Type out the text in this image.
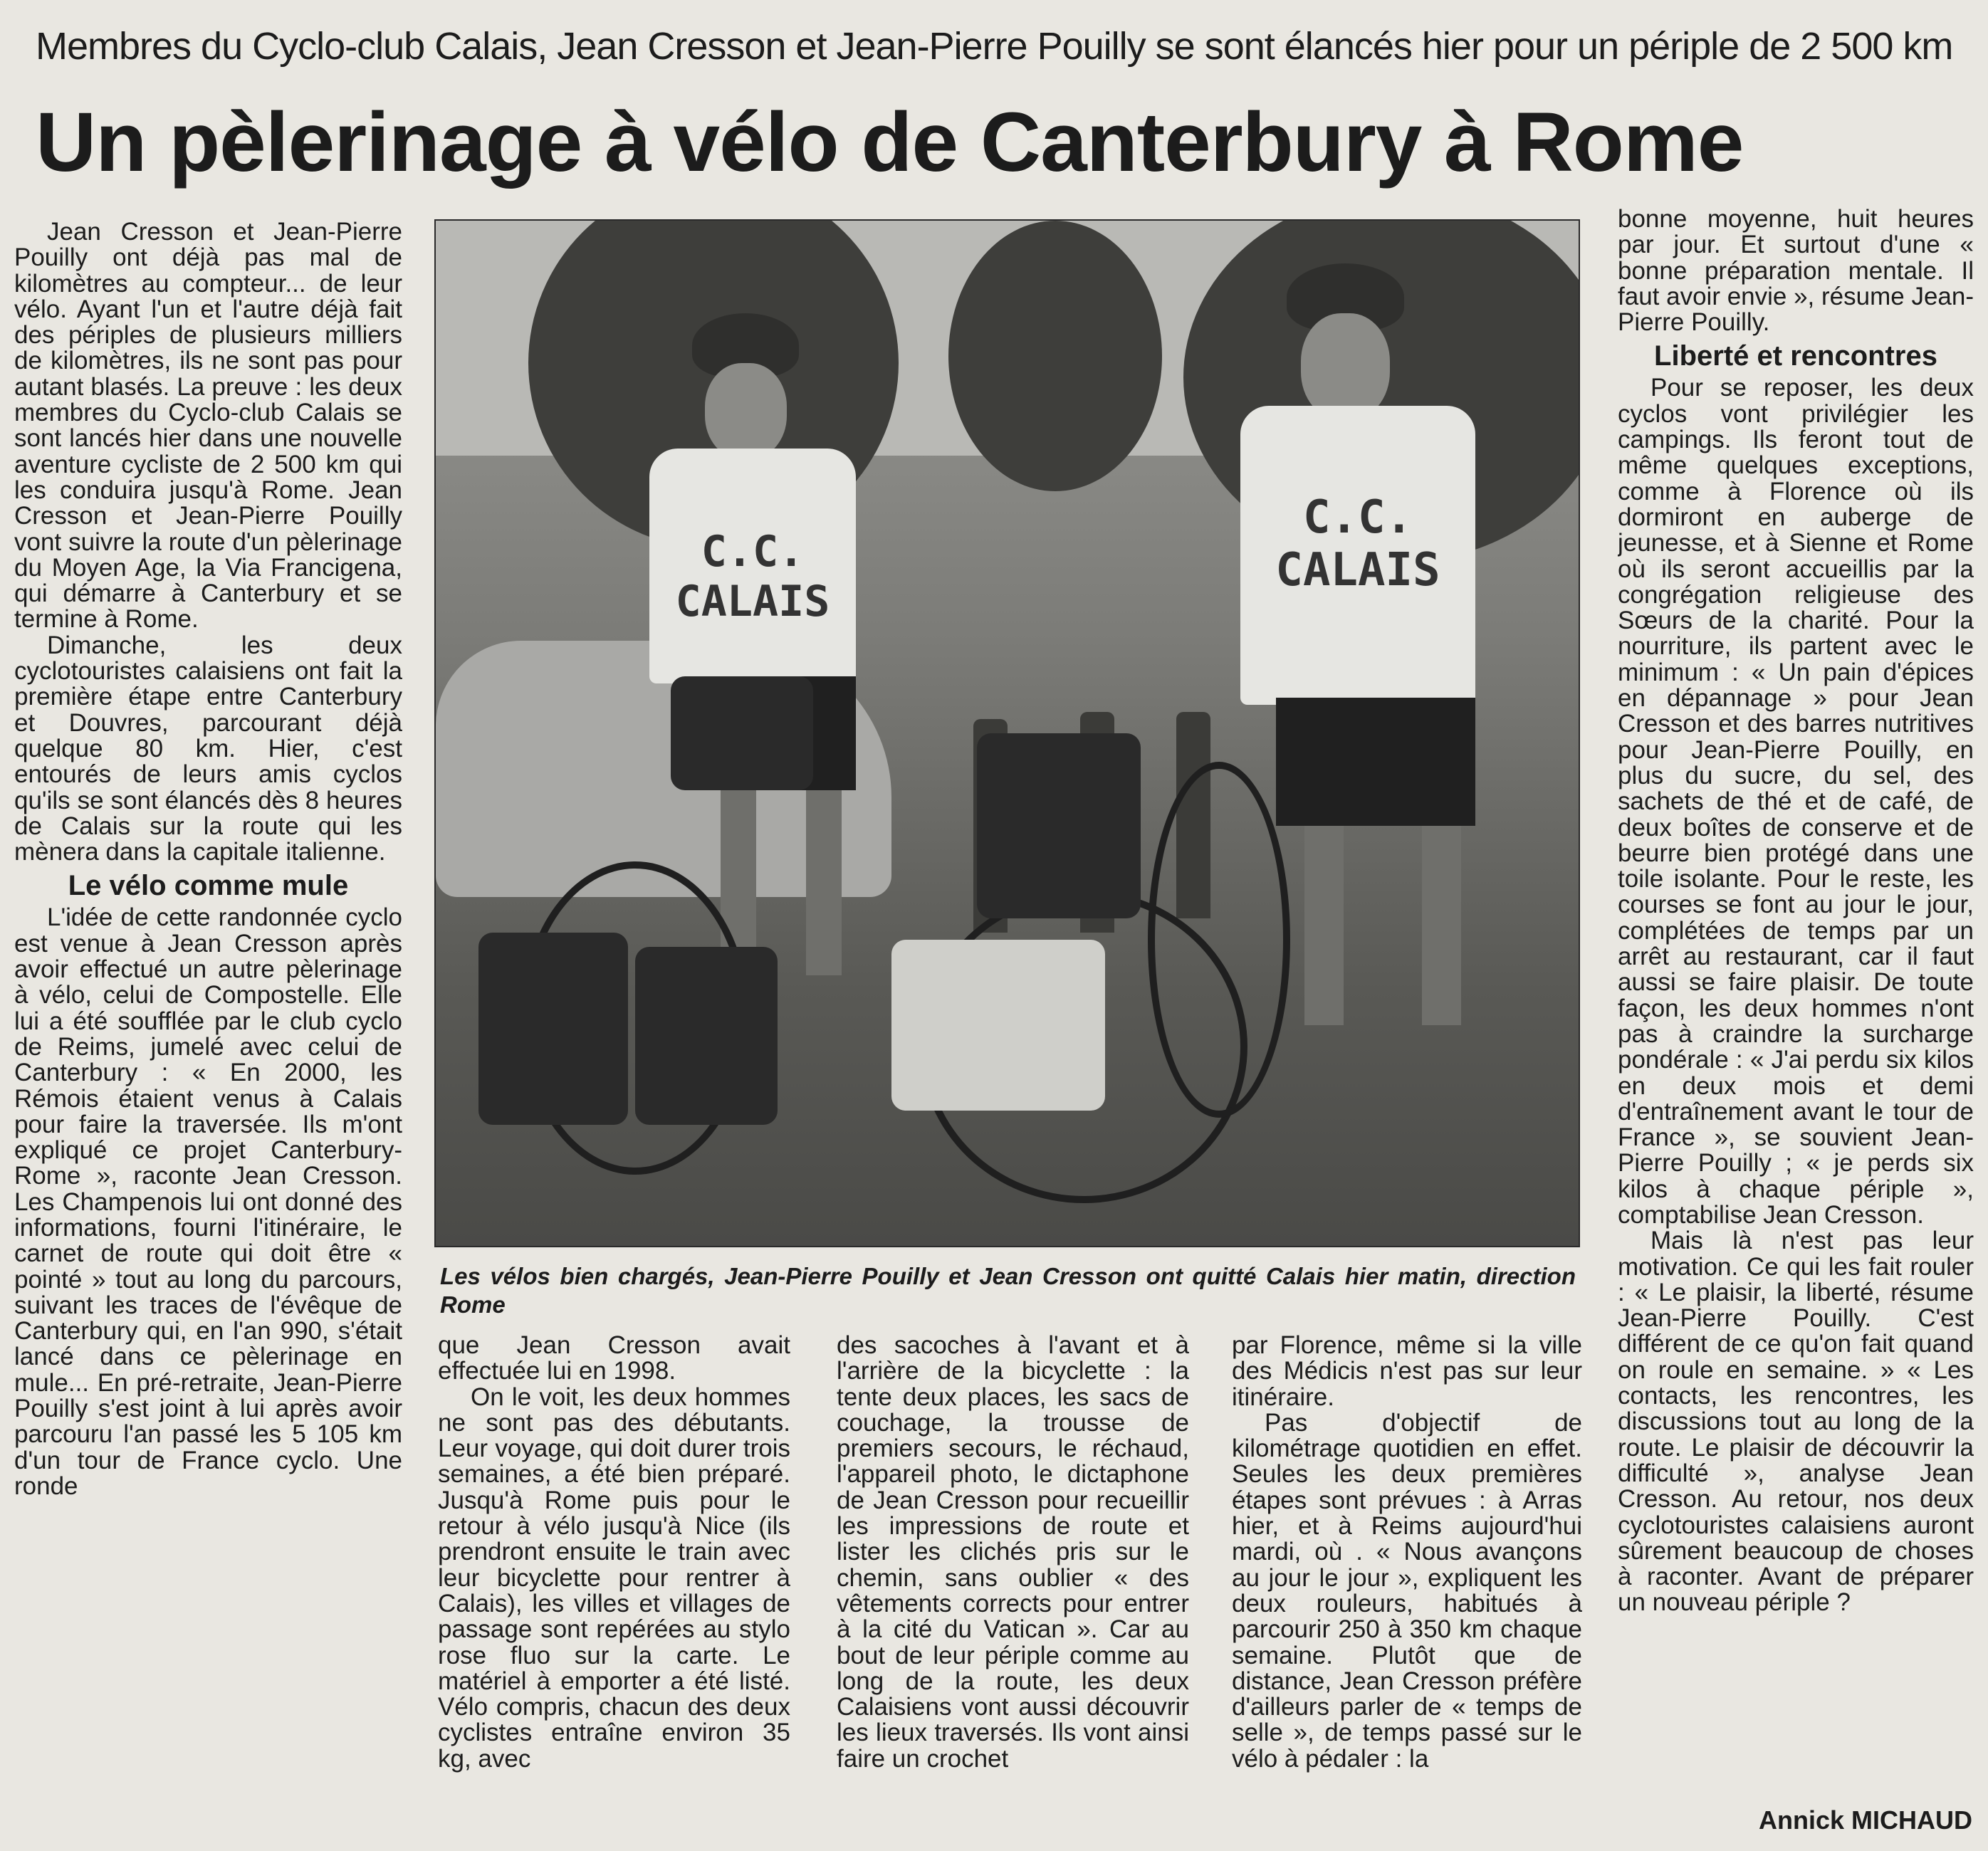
Membres du Cyclo-club Calais, Jean Cresson et Jean-Pierre Pouilly se sont élancés hier pour un périple de 2 500 km
Un pèlerinage à vélo de Canterbury à Rome

Jean Cresson et Jean-Pierre Pouilly ont déjà pas mal de kilomètres au compteur... de leur vélo. Ayant l'un et l'autre déjà fait des périples de plusieurs milliers de kilomètres, ils ne sont pas pour autant blasés. La preuve : les deux membres du Cyclo-club Calais se sont lancés hier dans une nouvelle aventure cycliste de 2 500 km qui les conduira jusqu'à Rome. Jean Cresson et Jean-Pierre Pouilly vont suivre la route d'un pèlerinage du Moyen Age, la Via Francigena, qui démarre à Canterbury et se termine à Rome.

Dimanche, les deux cyclotouristes calaisiens ont fait la première étape entre Canterbury et Douvres, parcourant déjà quelque 80 km. Hier, c'est entourés de leurs amis cyclos qu'ils se sont élancés dès 8 heures de Calais sur la route qui les mènera dans la capitale italienne.

Le vélo comme mule

L'idée de cette randonnée cyclo est venue à Jean Cresson après avoir effectué un autre pèlerinage à vélo, celui de Compostelle. Elle lui a été soufflée par le club cyclo de Reims, jumelé avec celui de Canterbury : « En 2000, les Rémois étaient venus à Calais pour faire la traversée. Ils m'ont expliqué ce projet Canterbury-Rome », raconte Jean Cresson. Les Champenois lui ont donné des informations, fourni l'itinéraire, le carnet de route qui doit être « pointé » tout au long du parcours, suivant les traces de l'évêque de Canterbury qui, en l'an 990, s'était lancé dans ce pèlerinage en mule... En pré-retraite, Jean-Pierre Pouilly s'est joint à lui après avoir parcouru l'an passé les 5 105 km d'un tour de France cyclo. Une ronde

C.C. CALAIS
C.C. CALAIS
Les vélos bien chargés, Jean-Pierre Pouilly et Jean Cresson ont quitté Calais hier matin, direction Rome

que Jean Cresson avait effectuée lui en 1998.

On le voit, les deux hommes ne sont pas des débutants. Leur voyage, qui doit durer trois semaines, a été bien préparé. Jusqu'à Rome puis pour le retour à vélo jusqu'à Nice (ils prendront ensuite le train avec leur bicyclette pour rentrer à Calais), les villes et villages de passage sont repérées au stylo rose fluo sur la carte. Le matériel à emporter a été listé. Vélo compris, chacun des deux cyclistes entraîne environ 35 kg, avec

des sacoches à l'avant et à l'arrière de la bicyclette : la tente deux places, les sacs de couchage, la trousse de premiers secours, le réchaud, l'appareil photo, le dictaphone de Jean Cresson pour recueillir les impressions de route et lister les clichés pris sur le chemin, sans oublier « des vêtements corrects pour entrer à la cité du Vatican ». Car au bout de leur périple comme au long de la route, les deux Calaisiens vont aussi découvrir les lieux traversés. Ils vont ainsi faire un crochet

par Florence, même si la ville des Médicis n'est pas sur leur itinéraire.

Pas d'objectif de kilométrage quotidien en effet. Seules les deux premières étapes sont prévues : à Arras hier, et à Reims aujourd'hui mardi, où . « Nous avançons au jour le jour », expliquent les deux rouleurs, habitués à parcourir 250 à 350 km chaque semaine. Plutôt que de distance, Jean Cresson préfère d'ailleurs parler de « temps de selle », de temps passé sur le vélo à pédaler : la

bonne moyenne, huit heures par jour. Et surtout d'une « bonne préparation mentale. Il faut avoir envie », résume Jean-Pierre Pouilly.

Liberté et rencontres

Pour se reposer, les deux cyclos vont privilégier les campings. Ils feront tout de même quelques exceptions, comme à Florence où ils dormiront en auberge de jeunesse, et à Sienne et Rome où ils seront accueillis par la congrégation religieuse des Sœurs de la charité. Pour la nourriture, ils partent avec le minimum : « Un pain d'épices en dépannage » pour Jean Cresson et des barres nutritives pour Jean-Pierre Pouilly, en plus du sucre, du sel, des sachets de thé et de café, de deux boîtes de conserve et de beurre bien protégé dans une toile isolante. Pour le reste, les courses se font au jour le jour, complétées de temps par un arrêt au restaurant, car il faut aussi se faire plaisir. De toute façon, les deux hommes n'ont pas à craindre la surcharge pondérale : « J'ai perdu six kilos en deux mois et demi d'entraînement avant le tour de France », se souvient Jean-Pierre Pouilly ; « je perds six kilos à chaque périple », comptabilise Jean Cresson.

Mais là n'est pas leur motivation. Ce qui les fait rouler : « Le plaisir, la liberté, résume Jean-Pierre Pouilly. C'est différent de ce qu'on fait quand on roule en semaine. » « Les contacts, les rencontres, les discussions tout au long de la route. Le plaisir de découvrir la difficulté », analyse Jean Cresson. Au retour, nos deux cyclotouristes calaisiens auront sûrement beaucoup de choses à raconter. Avant de préparer un nouveau périple ?

Annick MICHAUD
